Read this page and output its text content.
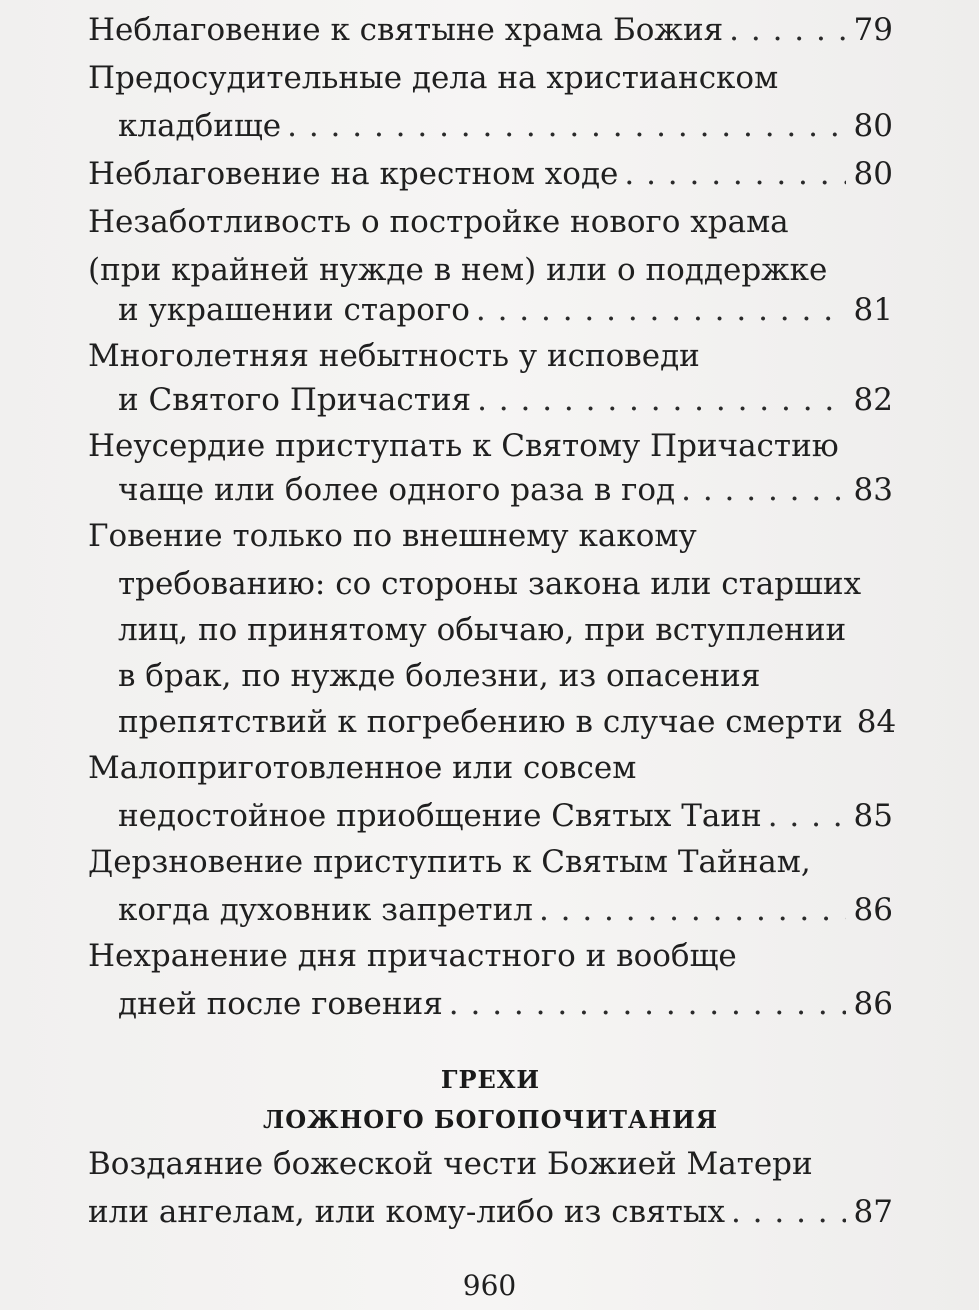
Неблаговение к святыне храма Божия . . .	79
Предосудительные дела на христианском
кладбище . . .	80
Неблаговение на крестном ходе . . .	80
Незаботливость о постройке нового храма
(при крайней нужде в нем) или о поддержке
и украшении старого . . .	81
Многолетняя небытность у исповеди
и Святого Причастия . . .	82
Неусердие приступать к Святому Причастию
чаще или более одного раза в год . . .	83
Говение только по внешнему какому
требованию: со стороны закона или старших
лиц, по принятому обычаю, при вступлении
в брак, по нужде болезни, из опасения
препятствий к погребению в случае смерти 84
Малоприготовленное или совсем
недостойное приобщение Святых Таин . . .	85
Дерзновение приступить к Святым Тайнам,
когда духовник запретил . . .	86
Нехранение дня причастного и вообще
дней после говения . . .	86
ГРЕХИ
ЛОЖНОГО БОГОПОЧИТАНИЯ
Воздаяние божеской чести Божией Матери
или ангелам, или кому-либо из святых . . .	87
960
